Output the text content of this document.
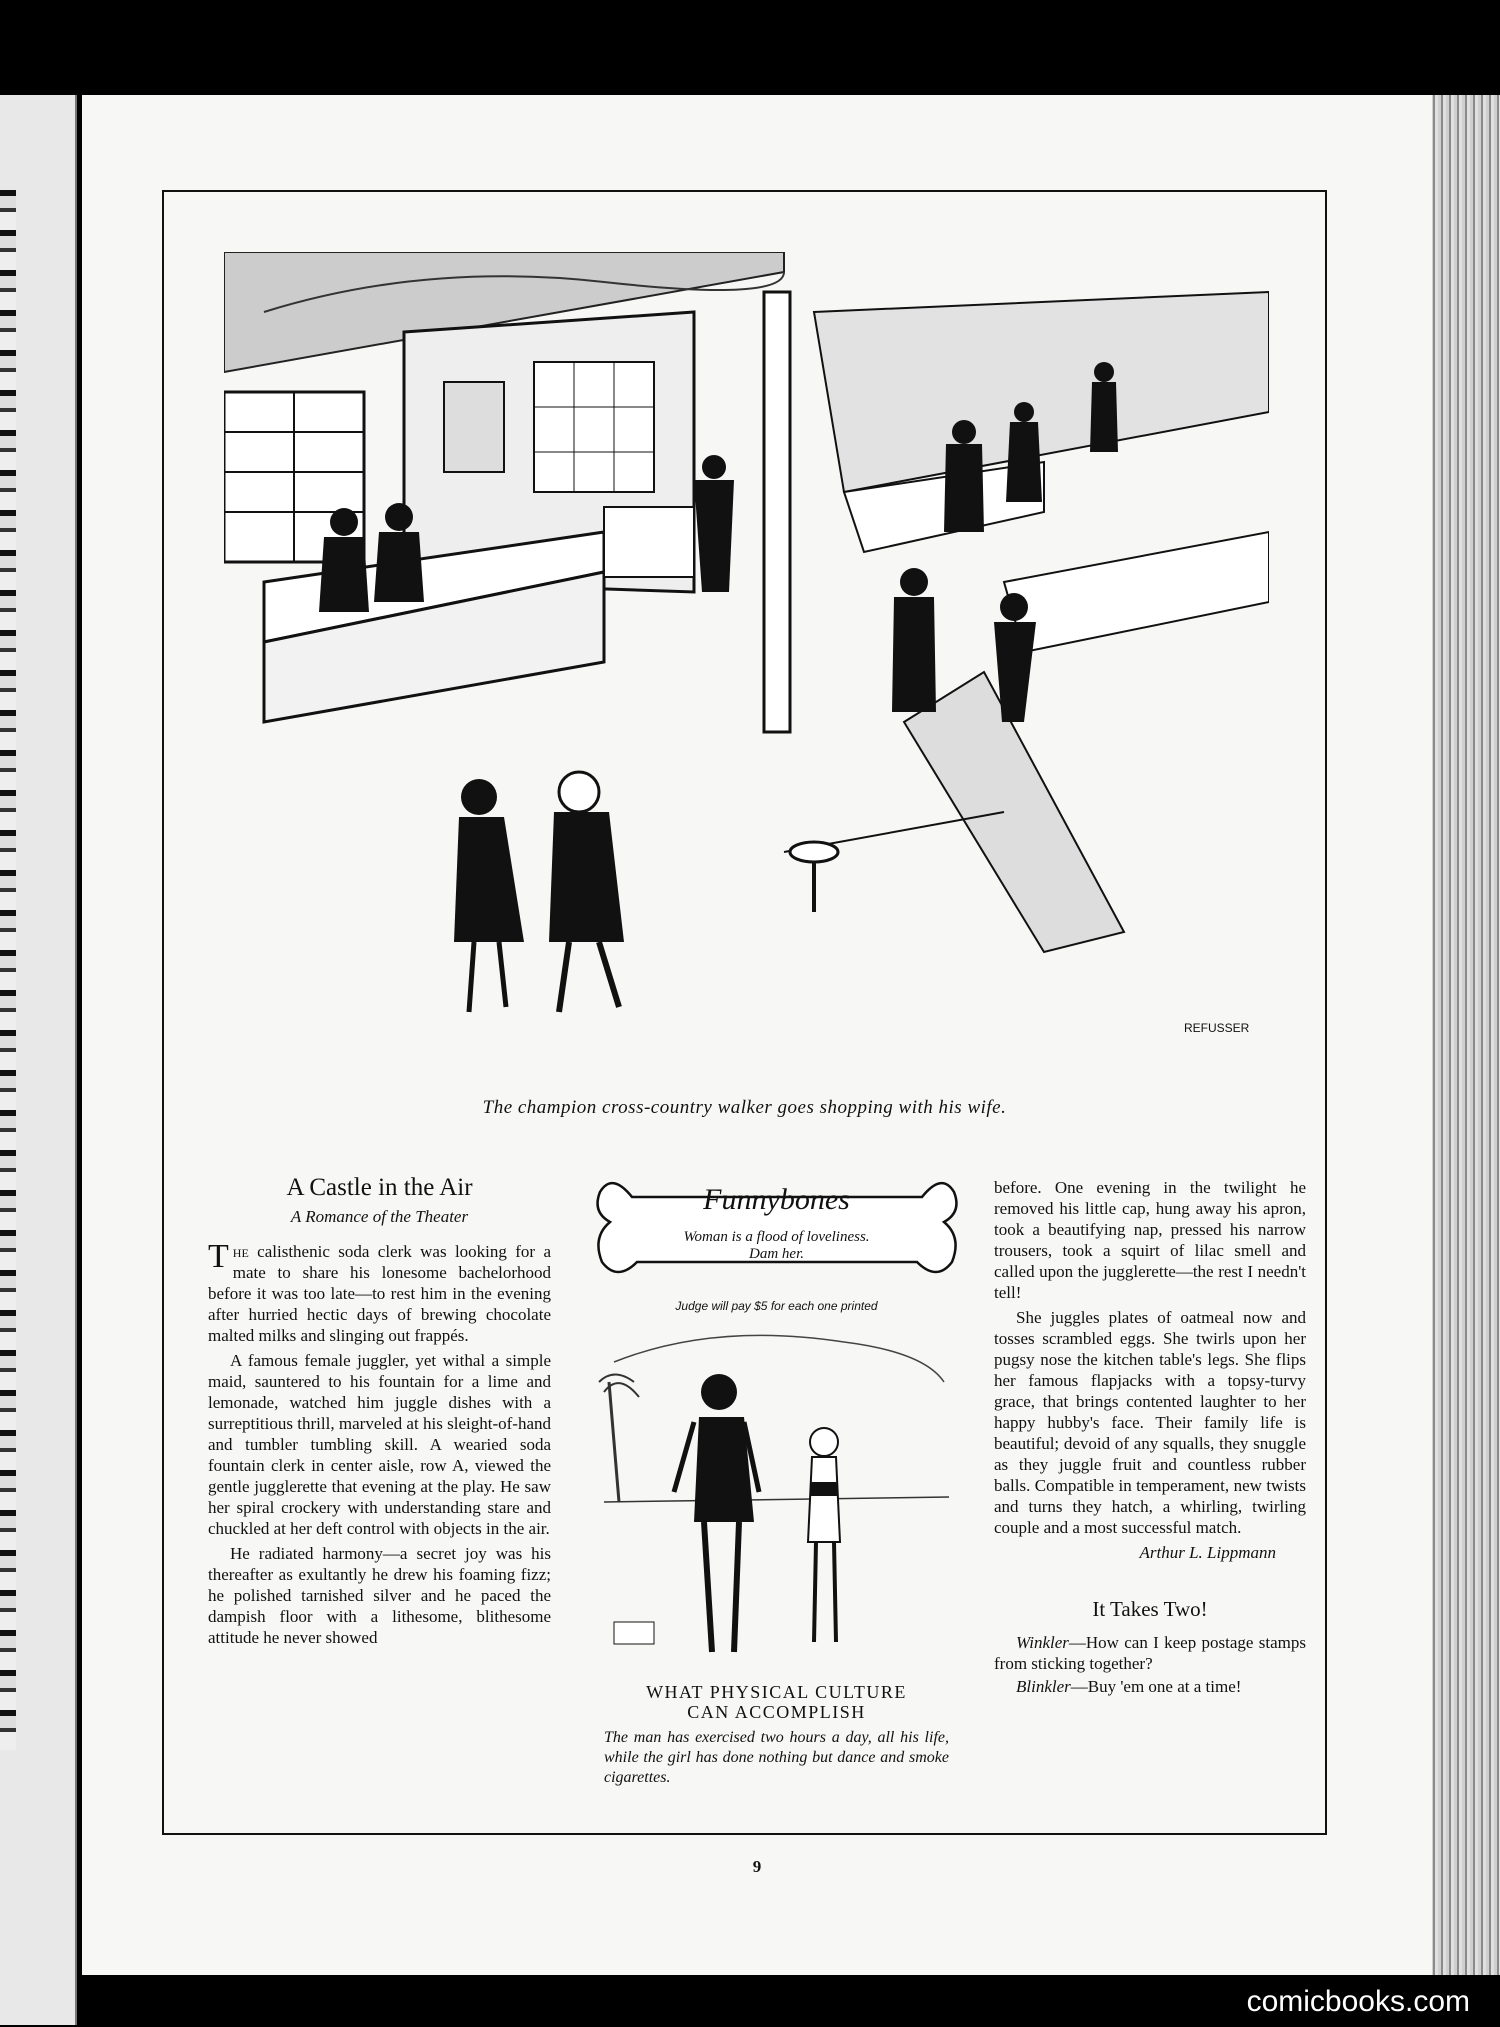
REFUSSER
The champion cross-country walker goes shopping with his wife.
A Castle in the Air
A Romance of the Theater

The calisthenic soda clerk was looking for a mate to share his lonesome bachelorhood before it was too late—to rest him in the evening after hurried hectic days of brewing chocolate malted milks and slinging out frappés.

A famous female juggler, yet withal a simple maid, sauntered to his fountain for a lime and lemonade, watched him juggle dishes with a surreptitious thrill, marveled at his sleight-of-hand and tumbler tumbling skill. A wearied soda fountain clerk in center aisle, row A, viewed the gentle jugglerette that evening at the play. He saw her spiral crockery with understanding stare and chuckled at her deft control with objects in the air.

He radiated harmony—a secret joy was his thereafter as exultantly he drew his foaming fizz; he polished tarnished silver and he paced the dampish floor with a lithesome, blithesome attitude he never showed

Funnybones
Woman is a flood of loveliness.
Dam her.
Judge will pay $5 for each one printed
WHAT PHYSICAL CULTURE
CAN ACCOMPLISH
The man has exercised two hours a day, all his life, while the girl has done nothing but dance and smoke cigarettes.

before. One evening in the twilight he removed his little cap, hung away his apron, took a beautifying nap, pressed his narrow trousers, took a squirt of lilac smell and called upon the jugglerette—the rest I needn't tell!

She juggles plates of oatmeal now and tosses scrambled eggs. She twirls upon her pugsy nose the kitchen table's legs. She flips her famous flapjacks with a topsy-turvy grace, that brings contented laughter to her happy hubby's face. Their family life is beautiful; devoid of any squalls, they snuggle as they juggle fruit and countless rubber balls. Compatible in temperament, new twists and turns they hatch, a whirling, twirling couple and a most successful match.

Arthur L. Lippmann
It Takes Two!

Winkler—How can I keep postage stamps from sticking together?

Blinkler—Buy 'em one at a time!

9
comicbooks.com
